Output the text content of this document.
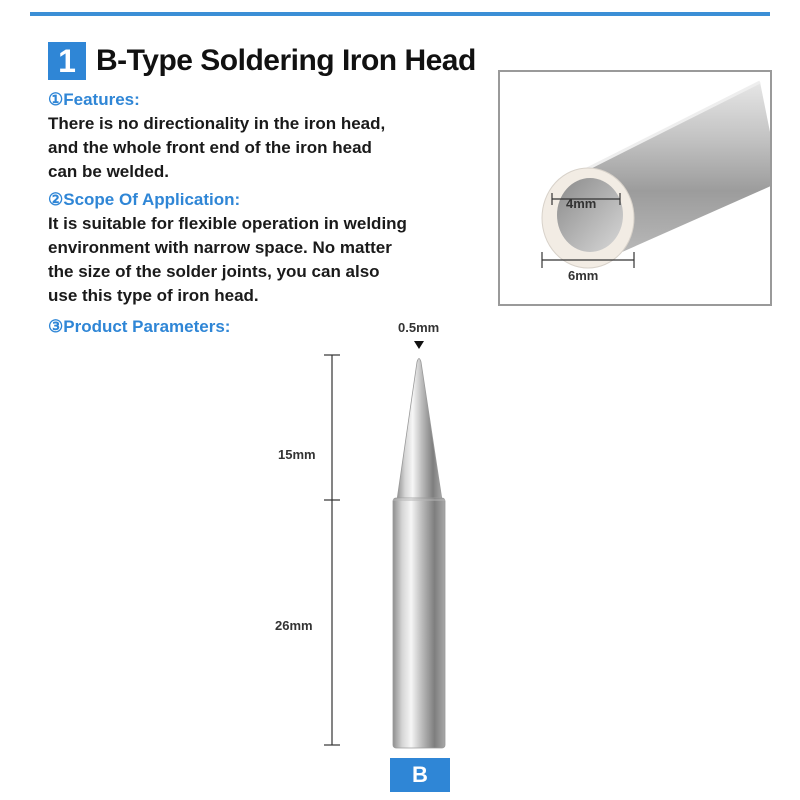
1 B-Type Soldering Iron Head
①Features:
There is no directionality in the iron head,
and the whole front end of the iron head
can be welded.
②Scope Of Application:
It is suitable for flexible operation in welding
environment with narrow space. No matter
the size of the solder joints, you can also
use this type of iron head.
③Product Parameters:
4mm
6mm
0.5mm
15mm
26mm
B
